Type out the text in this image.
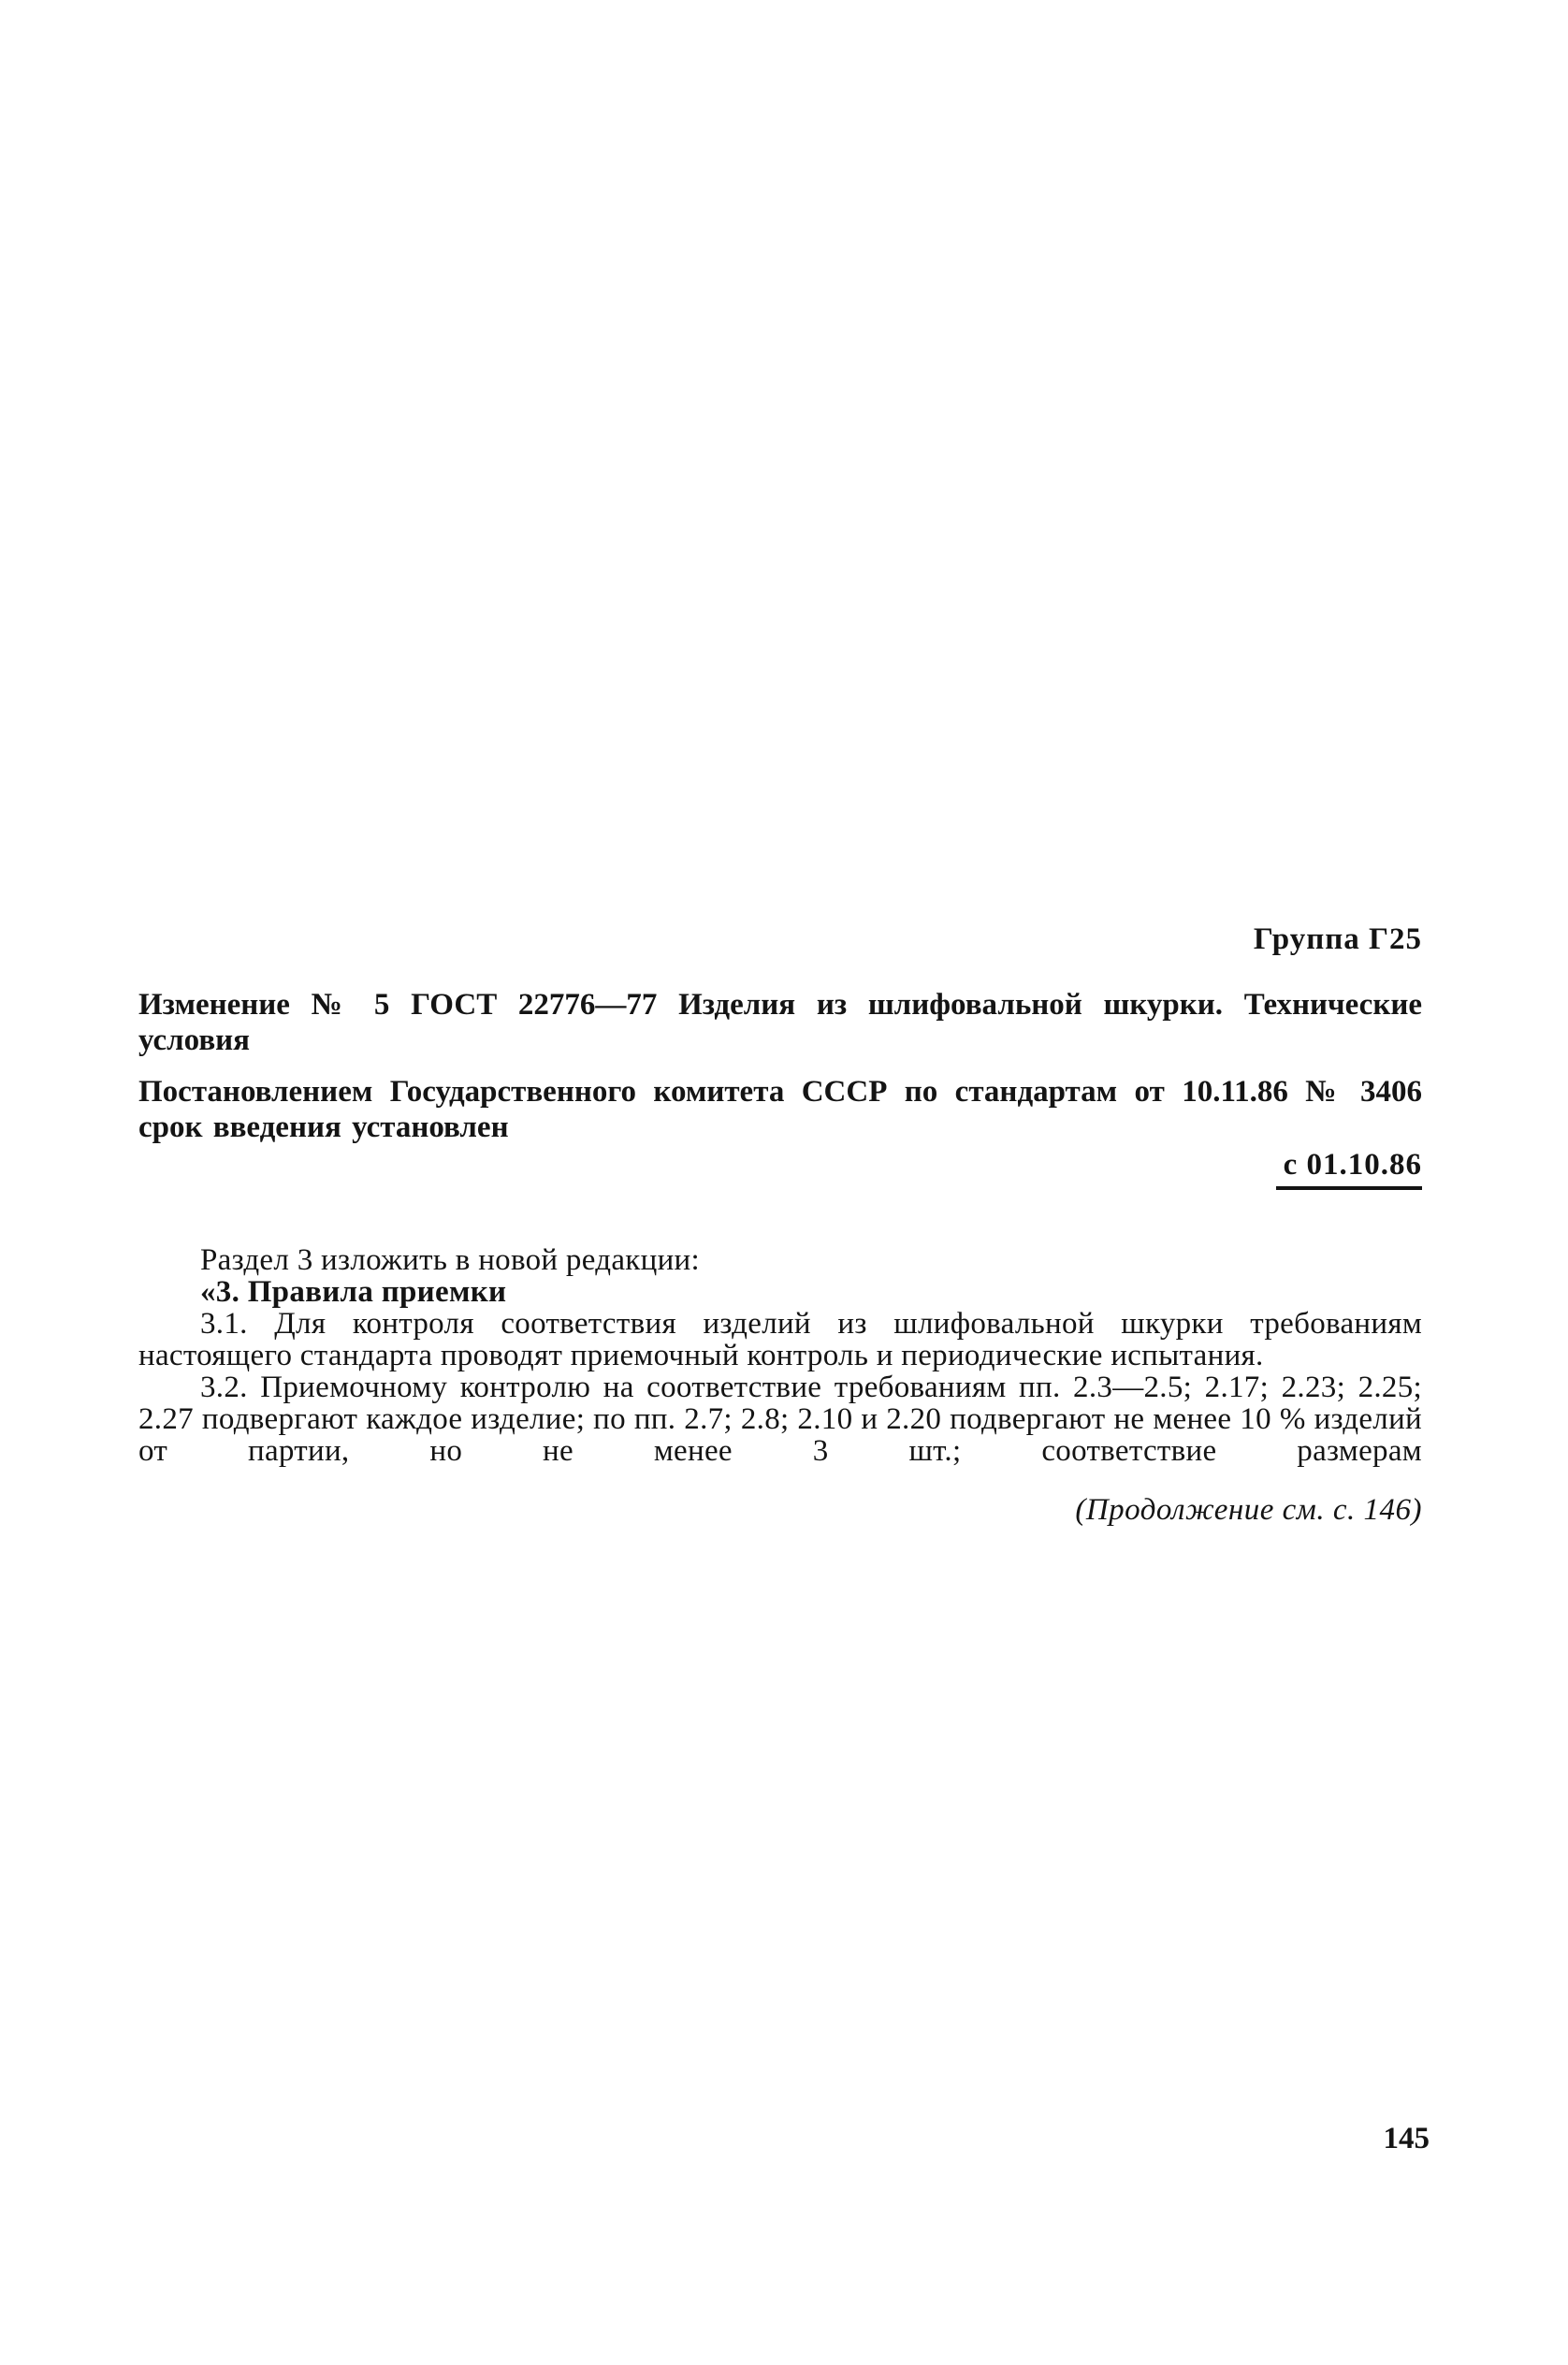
Группа Г25
Изменение № 5 ГОСТ 22776—77 Изделия из шлифовальной шкурки. Технические условия
Постановлением Государственного комитета СССР по стандартам от 10.11.86 № 3406 срок введения установлен
с 01.10.86

Раздел 3 изложить в новой редакции:

«3. Правила приемки

3.1. Для контроля соответствия изделий из шлифовальной шкурки требованиям настоящего стандарта проводят приемочный контроль и периодические испытания.

3.2. Приемочному контролю на соответствие требованиям пп. 2.3—2.5; 2.17; 2.23; 2.25; 2.27 подвергают каждое изделие; по пп. 2.7; 2.8; 2.10 и 2.20 подвергают не менее 10 % изделий от партии, но не менее 3 шт.; соответствие размерам

(Продолжение см. с. 146)
145
